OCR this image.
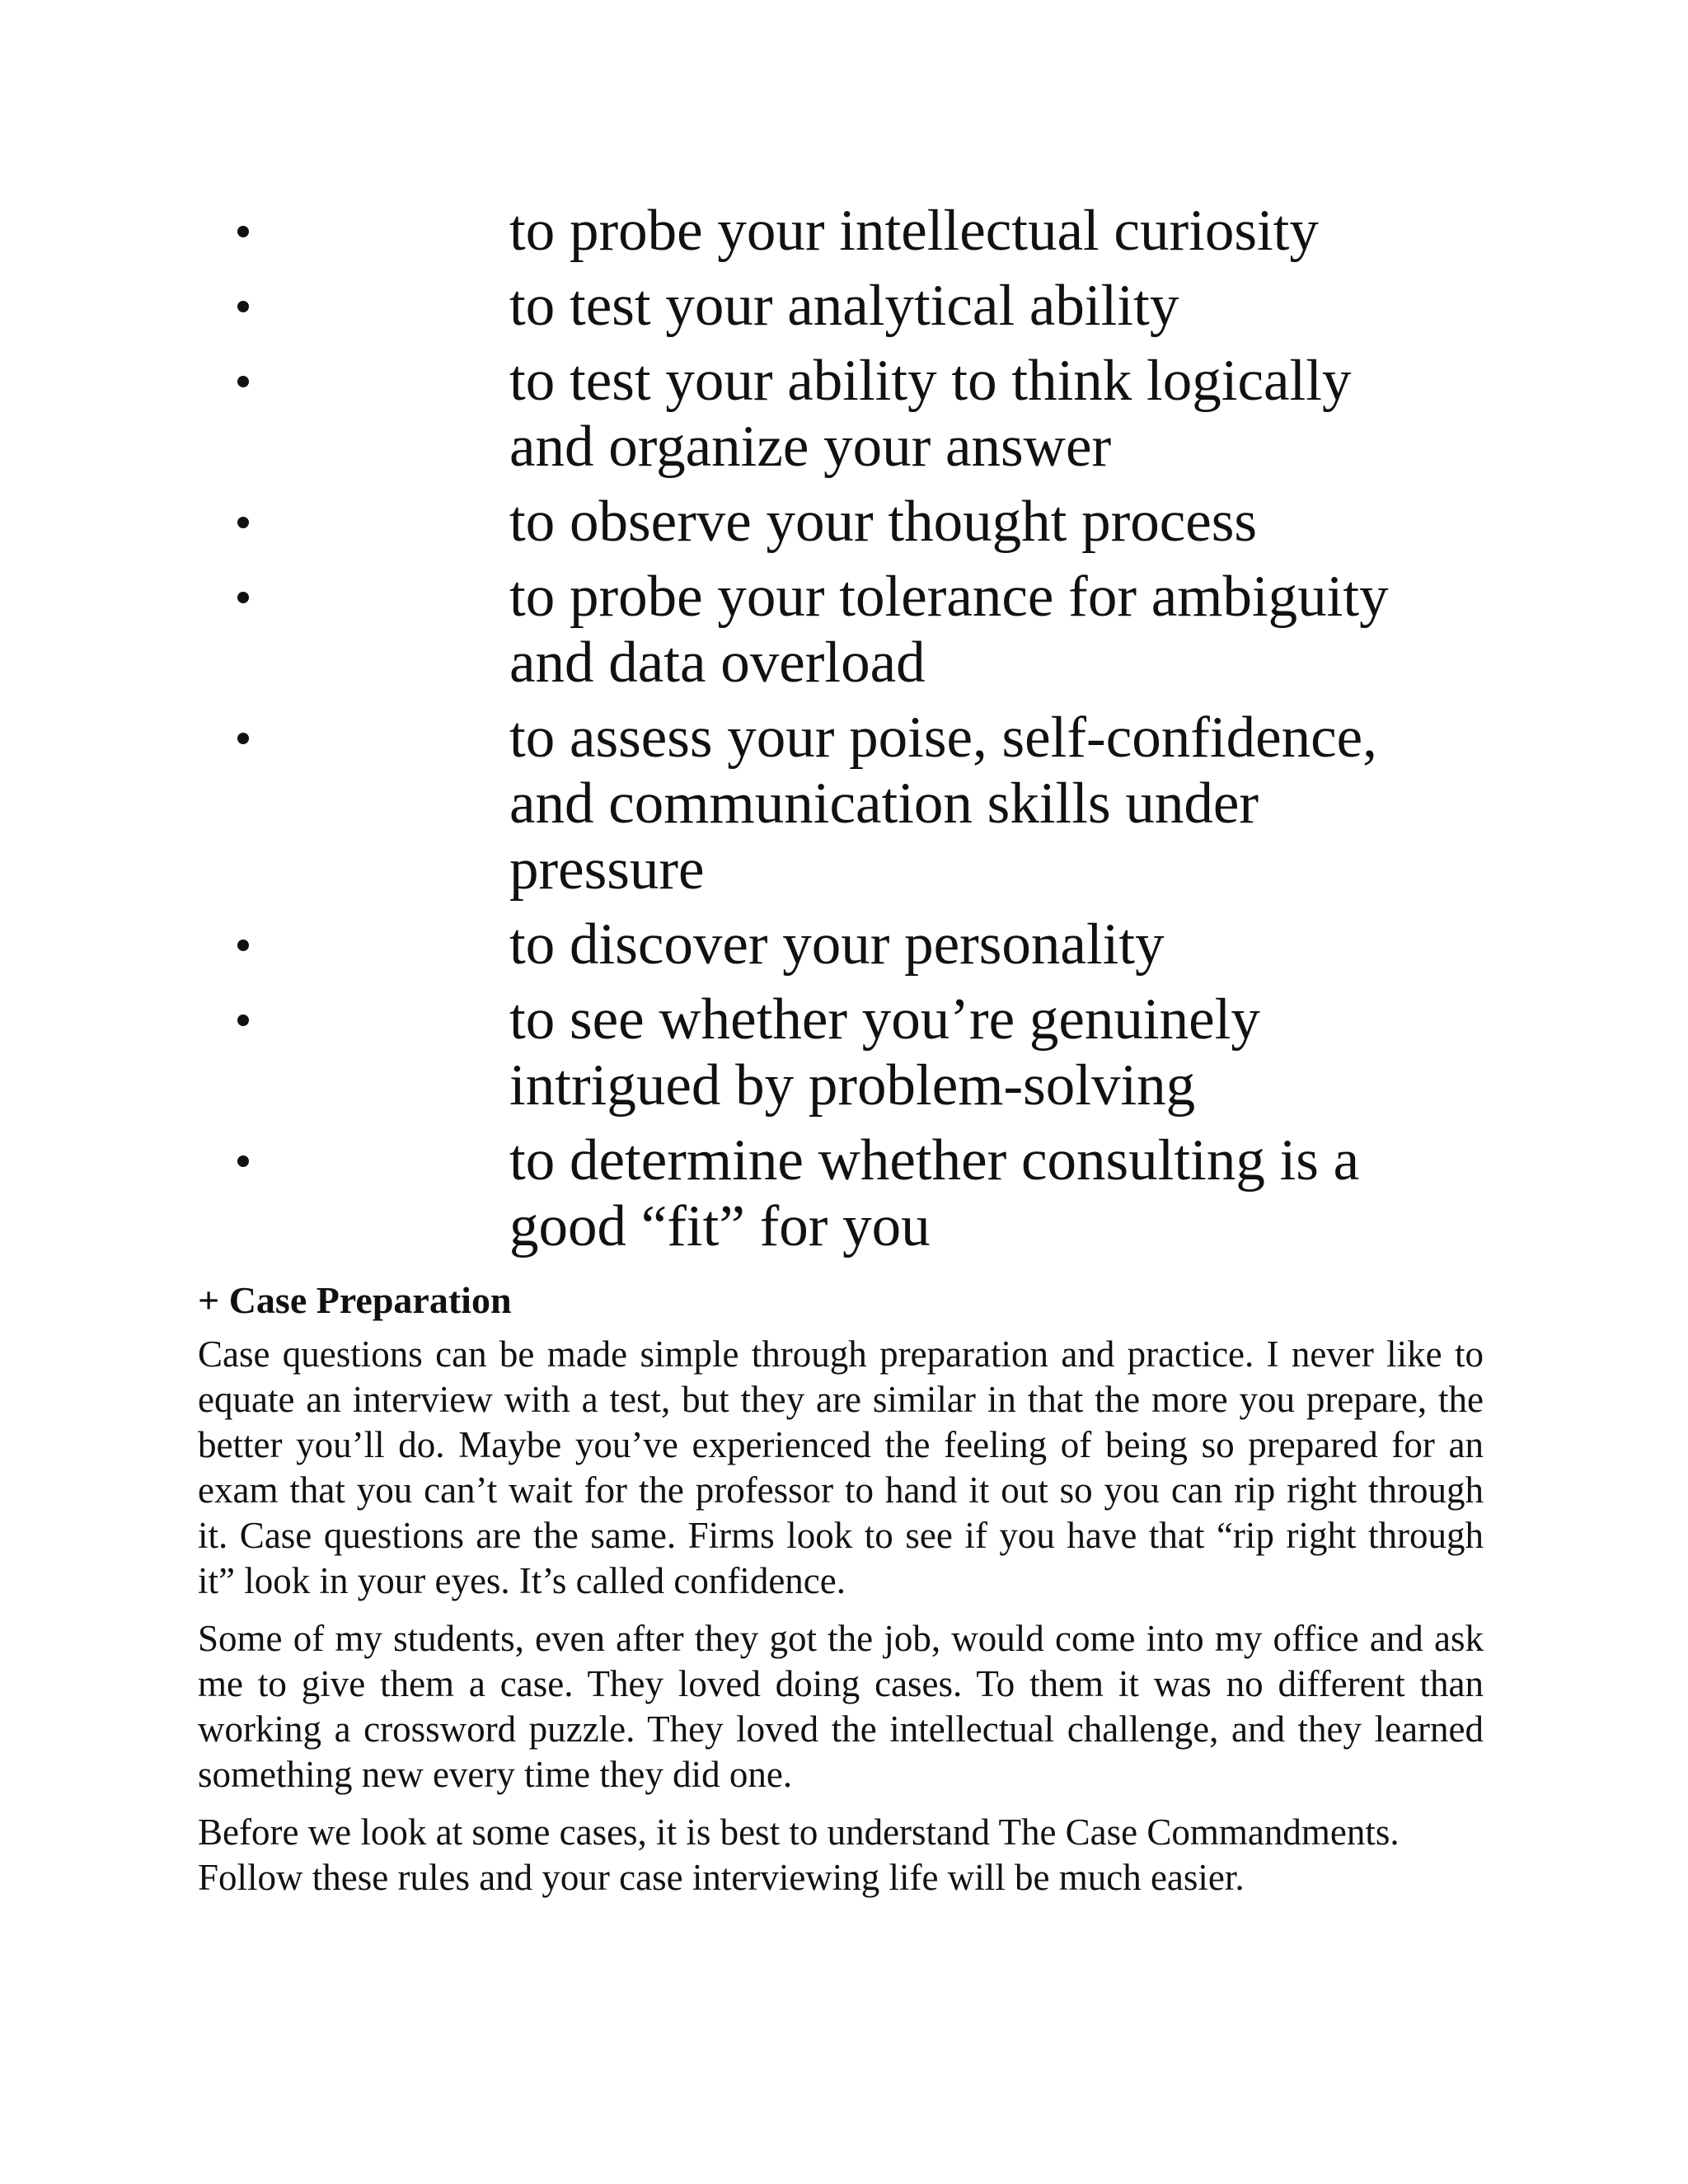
to probe your intellectual curiosity
to test your analytical ability
to test your ability to think logically and organize your answer
to observe your thought process
to probe your tolerance for ambiguity and data overload
to assess your poise, self-confidence, and communication skills under pressure
to discover your personality
to see whether you’re genuinely intrigued by problem-solving
to determine whether consulting is a good “fit” for you
+ Case Preparation

Case questions can be made simple through preparation and practice. I never like to equate an interview with a test, but they are similar in that the more you prepare, the better you’ll do. Maybe you’ve experienced the feeling of being so prepared for an exam that you can’t wait for the professor to hand it out so you can rip right through it. Case questions are the same. Firms look to see if you have that “rip right through it” look in your eyes. It’s called confidence.

Some of my students, even after they got the job, would come into my office and ask me to give them a case. They loved doing cases. To them it was no different than working a crossword puzzle. They loved the intellectual challenge, and they learned something new every time they did one.

Before we look at some cases, it is best to understand The Case Commandments. Follow these rules and your case interviewing life will be much easier.
